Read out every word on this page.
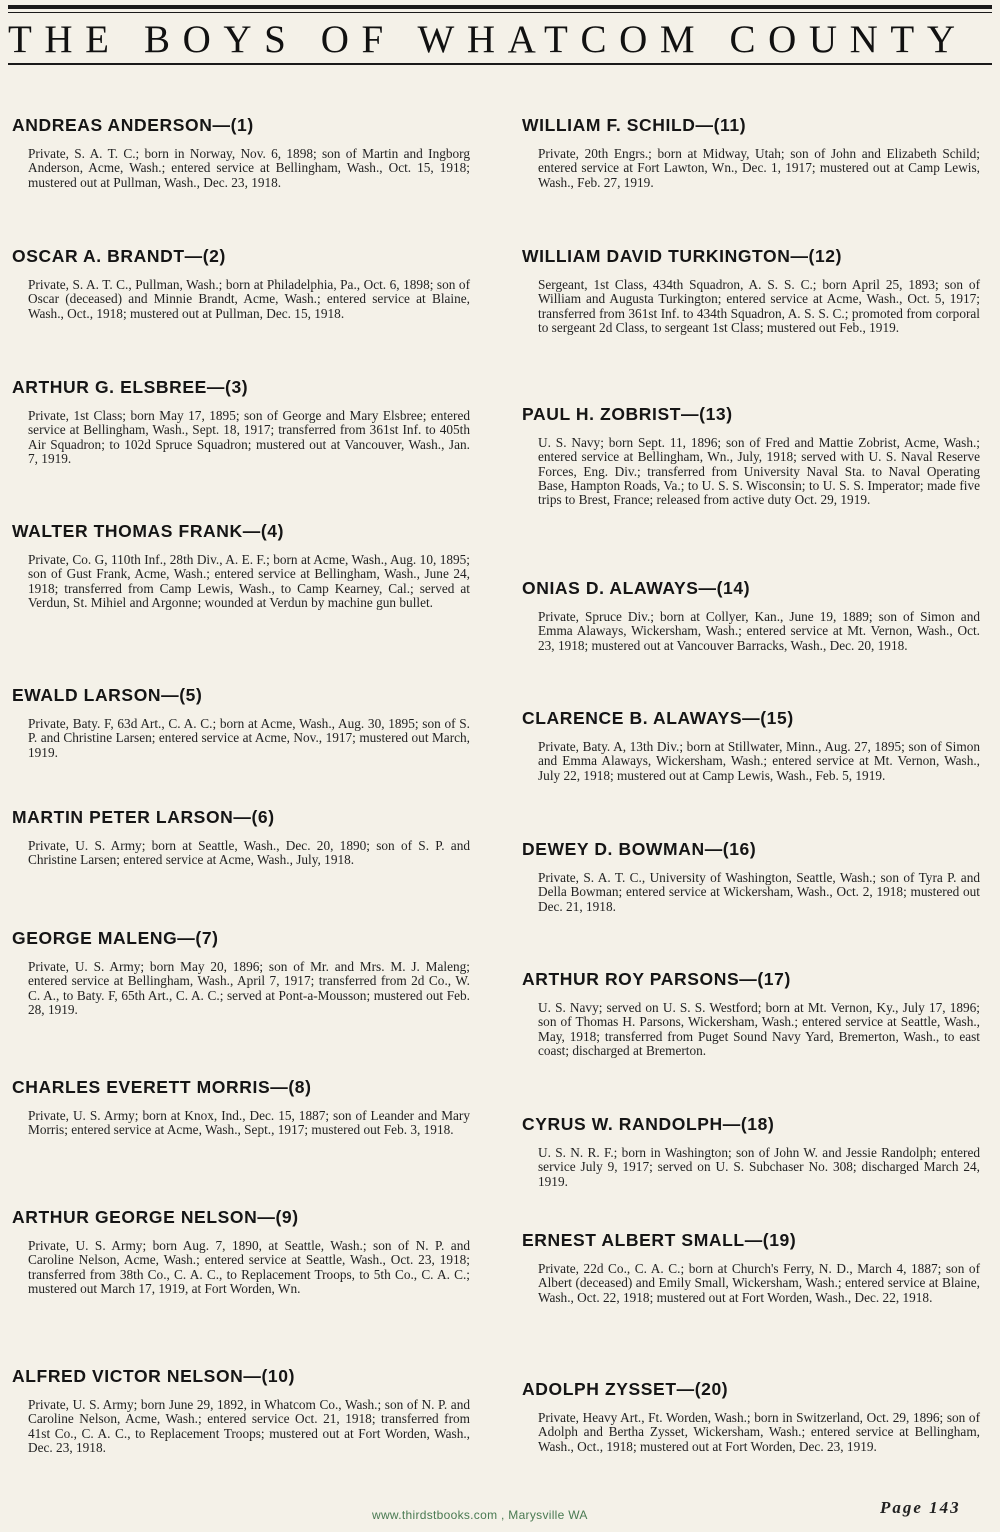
THE BOYS OF WHATCOM COUNTY
ANDREAS ANDERSON—(1)
Private, S. A. T. C.; born in Norway, Nov. 6, 1898; son of Martin and Ingborg Anderson, Acme, Wash.; entered service at Bellingham, Wash., Oct. 15, 1918; mustered out at Pullman, Wash., Dec. 23, 1918.
OSCAR A. BRANDT—(2)
Private, S. A. T. C., Pullman, Wash.; born at Philadelphia, Pa., Oct. 6, 1898; son of Oscar (deceased) and Minnie Brandt, Acme, Wash.; entered service at Blaine, Wash., Oct., 1918; mustered out at Pullman, Dec. 15, 1918.
ARTHUR G. ELSBREE—(3)
Private, 1st Class; born May 17, 1895; son of George and Mary Elsbree; entered service at Bellingham, Wash., Sept. 18, 1917; transferred from 361st Inf. to 405th Air Squadron; to 102d Spruce Squadron; mustered out at Vancouver, Wash., Jan. 7, 1919.
WALTER THOMAS FRANK—(4)
Private, Co. G, 110th Inf., 28th Div., A. E. F.; born at Acme, Wash., Aug. 10, 1895; son of Gust Frank, Acme, Wash.; entered service at Bellingham, Wash., June 24, 1918; transferred from Camp Lewis, Wash., to Camp Kearney, Cal.; served at Verdun, St. Mihiel and Argonne; wounded at Verdun by machine gun bullet.
EWALD LARSON—(5)
Private, Baty. F, 63d Art., C. A. C.; born at Acme, Wash., Aug. 30, 1895; son of S. P. and Christine Larsen; entered service at Acme, Nov., 1917; mustered out March, 1919.
MARTIN PETER LARSON—(6)
Private, U. S. Army; born at Seattle, Wash., Dec. 20, 1890; son of S. P. and Christine Larsen; entered service at Acme, Wash., July, 1918.
GEORGE MALENG—(7)
Private, U. S. Army; born May 20, 1896; son of Mr. and Mrs. M. J. Maleng; entered service at Bellingham, Wash., April 7, 1917; transferred from 2d Co., W. C. A., to Baty. F, 65th Art., C. A. C.; served at Pont-a-Mousson; mustered out Feb. 28, 1919.
CHARLES EVERETT MORRIS—(8)
Private, U. S. Army; born at Knox, Ind., Dec. 15, 1887; son of Leander and Mary Morris; entered service at Acme, Wash., Sept., 1917; mustered out Feb. 3, 1918.
ARTHUR GEORGE NELSON—(9)
Private, U. S. Army; born Aug. 7, 1890, at Seattle, Wash.; son of N. P. and Caroline Nelson, Acme, Wash.; entered service at Seattle, Wash., Oct. 23, 1918; transferred from 38th Co., C. A. C., to Replacement Troops, to 5th Co., C. A. C.; mustered out March 17, 1919, at Fort Worden, Wn.
ALFRED VICTOR NELSON—(10)
Private, U. S. Army; born June 29, 1892, in Whatcom Co., Wash.; son of N. P. and Caroline Nelson, Acme, Wash.; entered service Oct. 21, 1918; transferred from 41st Co., C. A. C., to Replacement Troops; mustered out at Fort Worden, Wash., Dec. 23, 1918.
WILLIAM F. SCHILD—(11)
Private, 20th Engrs.; born at Midway, Utah; son of John and Elizabeth Schild; entered service at Fort Lawton, Wn., Dec. 1, 1917; mustered out at Camp Lewis, Wash., Feb. 27, 1919.
WILLIAM DAVID TURKINGTON—(12)
Sergeant, 1st Class, 434th Squadron, A. S. S. C.; born April 25, 1893; son of William and Augusta Turkington; entered service at Acme, Wash., Oct. 5, 1917; transferred from 361st Inf. to 434th Squadron, A. S. S. C.; promoted from corporal to sergeant 2d Class, to sergeant 1st Class; mustered out Feb., 1919.
PAUL H. ZOBRIST—(13)
U. S. Navy; born Sept. 11, 1896; son of Fred and Mattie Zobrist, Acme, Wash.; entered service at Bellingham, Wn., July, 1918; served with U. S. Naval Reserve Forces, Eng. Div.; transferred from University Naval Sta. to Naval Operating Base, Hampton Roads, Va.; to U. S. S. Wisconsin; to U. S. S. Imperator; made five trips to Brest, France; released from active duty Oct. 29, 1919.
ONIAS D. ALAWAYS—(14)
Private, Spruce Div.; born at Collyer, Kan., June 19, 1889; son of Simon and Emma Alaways, Wickersham, Wash.; entered service at Mt. Vernon, Wash., Oct. 23, 1918; mustered out at Vancouver Barracks, Wash., Dec. 20, 1918.
CLARENCE B. ALAWAYS—(15)
Private, Baty. A, 13th Div.; born at Stillwater, Minn., Aug. 27, 1895; son of Simon and Emma Alaways, Wickersham, Wash.; entered service at Mt. Vernon, Wash., July 22, 1918; mustered out at Camp Lewis, Wash., Feb. 5, 1919.
DEWEY D. BOWMAN—(16)
Private, S. A. T. C., University of Washington, Seattle, Wash.; son of Tyra P. and Della Bowman; entered service at Wickersham, Wash., Oct. 2, 1918; mustered out Dec. 21, 1918.
ARTHUR ROY PARSONS—(17)
U. S. Navy; served on U. S. S. Westford; born at Mt. Vernon, Ky., July 17, 1896; son of Thomas H. Parsons, Wickersham, Wash.; entered service at Seattle, Wash., May, 1918; transferred from Puget Sound Navy Yard, Bremerton, Wash., to east coast; discharged at Bremerton.
CYRUS W. RANDOLPH—(18)
U. S. N. R. F.; born in Washington; son of John W. and Jessie Randolph; entered service July 9, 1917; served on U. S. Subchaser No. 308; discharged March 24, 1919.
ERNEST ALBERT SMALL—(19)
Private, 22d Co., C. A. C.; born at Church's Ferry, N. D., March 4, 1887; son of Albert (deceased) and Emily Small, Wickersham, Wash.; entered service at Blaine, Wash., Oct. 22, 1918; mustered out at Fort Worden, Wash., Dec. 22, 1918.
ADOLPH ZYSSET—(20)
Private, Heavy Art., Ft. Worden, Wash.; born in Switzerland, Oct. 29, 1896; son of Adolph and Bertha Zysset, Wickersham, Wash.; entered service at Bellingham, Wash., Oct., 1918; mustered out at Fort Worden, Dec. 23, 1919.
www.thirdstbooks.com , Marysville WA	Page 143
